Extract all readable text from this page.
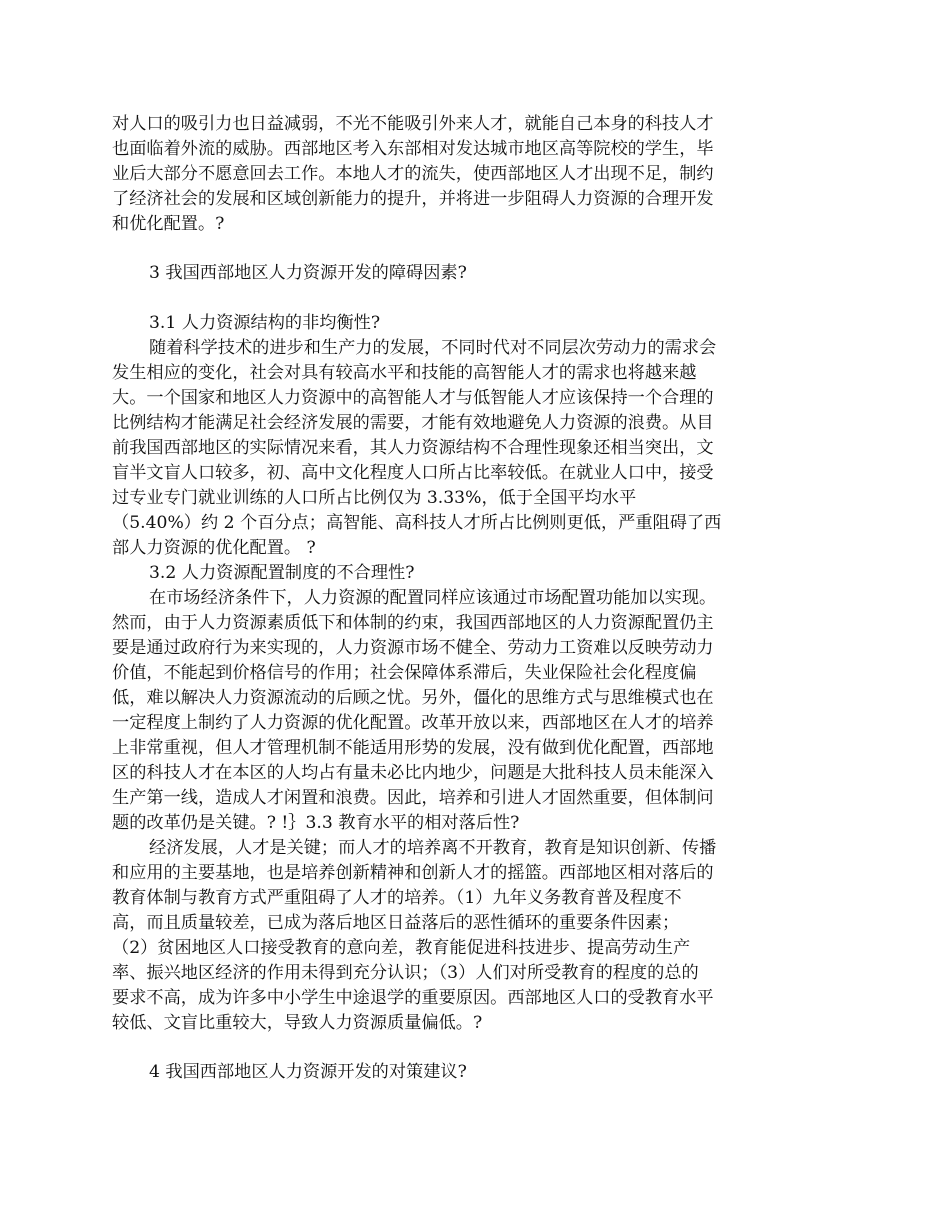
对人口的吸引力也日益减弱，不光不能吸引外来人才，就能自己本身的科技人才
也面临着外流的威胁。西部地区考入东部相对发达城市地区高等院校的学生，毕
业后大部分不愿意回去工作。本地人才的流失，使西部地区人才出现不足，制约
了经济社会的发展和区域创新能力的提升，并将进一步阻碍人力资源的合理开发
和优化配置。?
3 我国西部地区人力资源开发的障碍因素?
3.1 人力资源结构的非均衡性?
随着科学技术的进步和生产力的发展，不同时代对不同层次劳动力的需求会
发生相应的变化，社会对具有较高水平和技能的高智能人才的需求也将越来越
大。一个国家和地区人力资源中的高智能人才与低智能人才应该保持一个合理的
比例结构才能满足社会经济发展的需要，才能有效地避免人力资源的浪费。从目
前我国西部地区的实际情况来看，其人力资源结构不合理性现象还相当突出，文
盲半文盲人口较多，初、高中文化程度人口所占比率较低。在就业人口中，接受
过专业专门就业训练的人口所占比例仅为 3.33%，低于全国平均水平
（5.40%）约 2 个百分点；高智能、高科技人才所占比例则更低，严重阻碍了西
部人力资源的优化配置。 ?
3.2 人力资源配置制度的不合理性?
在市场经济条件下，人力资源的配置同样应该通过市场配置功能加以实现。
然而，由于人力资源素质低下和体制的约束，我国西部地区的人力资源配置仍主
要是通过政府行为来实现的，人力资源市场不健全、劳动力工资难以反映劳动力
价值，不能起到价格信号的作用；社会保障体系滞后，失业保险社会化程度偏
低，难以解决人力资源流动的后顾之忧。另外，僵化的思维方式与思维模式也在
一定程度上制约了人力资源的优化配置。改革开放以来，西部地区在人才的培养
上非常重视，但人才管理机制不能适用形势的发展，没有做到优化配置，西部地
区的科技人才在本区的人均占有量未必比内地少，问题是大批科技人员未能深入
生产第一线，造成人才闲置和浪费。因此，培养和引进人才固然重要，但体制问
题的改革仍是关键。? !｝3.3 教育水平的相对落后性?
经济发展，人才是关键；而人才的培养离不开教育，教育是知识创新、传播
和应用的主要基地，也是培养创新精神和创新人才的摇篮。西部地区相对落后的
教育体制与教育方式严重阻碍了人才的培养。（1）九年义务教育普及程度不
高，而且质量较差，已成为落后地区日益落后的恶性循环的重要条件因素；
（2）贫困地区人口接受教育的意向差，教育能促进科技进步、提高劳动生产
率、振兴地区经济的作用未得到充分认识；（3）人们对所受教育的程度的总的
要求不高，成为许多中小学生中途退学的重要原因。西部地区人口的受教育水平
较低、文盲比重较大，导致人力资源质量偏低。?
4 我国西部地区人力资源开发的对策建议?
